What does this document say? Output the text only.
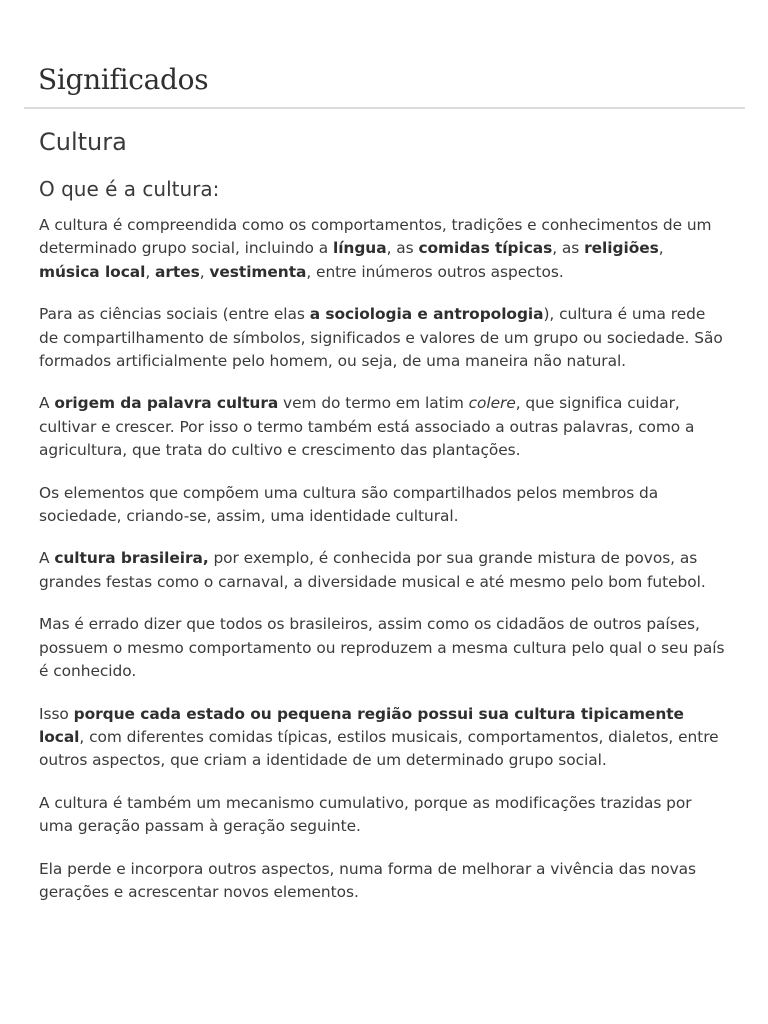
Significados
Cultura
O que é a cultura:

A cultura é compreendida como os comportamentos, tradições e conhecimentos de um determinado grupo social, incluindo a língua, as comidas típicas, as religiões, música local, artes, vestimenta, entre inúmeros outros aspectos.

Para as ciências sociais (entre elas a sociologia e antropologia), cultura é uma rede de compartilhamento de símbolos, significados e valores de um grupo ou sociedade. São formados artificialmente pelo homem, ou seja, de uma maneira não natural.

A origem da palavra cultura vem do termo em latim colere, que significa cuidar, cultivar e crescer. Por isso o termo também está associado a outras palavras, como a agricultura, que trata do cultivo e crescimento das plantações.

Os elementos que compõem uma cultura são compartilhados pelos membros da sociedade, criando-se, assim, uma identidade cultural.

A cultura brasileira, por exemplo, é conhecida por sua grande mistura de povos, as grandes festas como o carnaval, a diversidade musical e até mesmo pelo bom futebol.

Mas é errado dizer que todos os brasileiros, assim como os cidadãos de outros países, possuem o mesmo comportamento ou reproduzem a mesma cultura pelo qual o seu país é conhecido.

Isso porque cada estado ou pequena região possui sua cultura tipicamente local, com diferentes comidas típicas, estilos musicais, comportamentos, dialetos, entre outros aspectos, que criam a identidade de um determinado grupo social.

A cultura é também um mecanismo cumulativo, porque as modificações trazidas por uma geração passam à geração seguinte.

Ela perde e incorpora outros aspectos, numa forma de melhorar a vivência das novas gerações e acrescentar novos elementos.
